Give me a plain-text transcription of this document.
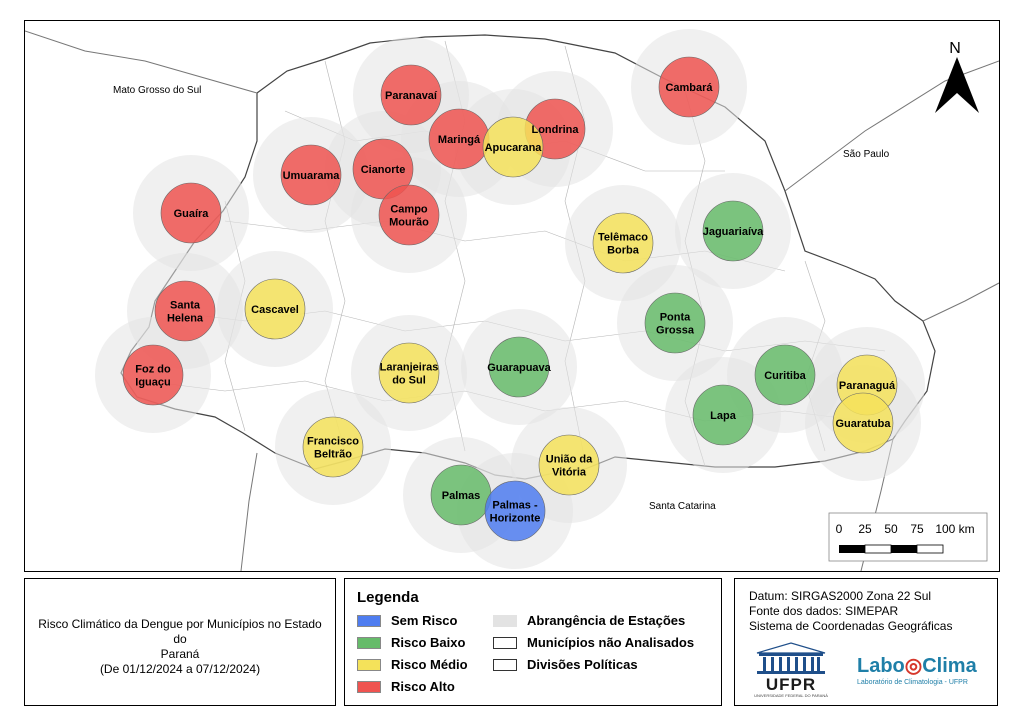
Paranavaí
Cambará
Maringá
Londrina
Apucarana
Umuarama Cianorte
Campo Mourão
Guaíra
Telêmaco Borba
Jaguariaíva
Santa Helena
Cascavel
Ponta Grossa
Foz do Iguaçu
Laranjeiras do Sul
Guarapuava
Curitiba
Paranaguá
Lapa
Guaratuba
Francisco Beltrão	União da Vitória
Palmas
Palmas -Horizonte
Mato Grosso do Sul
São Paulo
Santa Catarina
N
0 25 50 75 100 km
Risco Climático da Dengue por Municípios no Estado do
Paraná
(De 01/12/2024 a 07/12/2024)
Legenda
Sem Risco
Risco Baixo
Risco Médio
Risco Alto
Abrangência de Estações
Municípios não Analisados
Divisões Políticas
Datum: SIRGAS2000 Zona 22 Sul
Fonte dos dados: SIMEPAR
Sistema de Coordenadas Geográficas
UFPR
UNIVERSIDADE FEDERAL DO PARANÁ
Labo◎Clima
Laboratório de Climatologia - UFPR
